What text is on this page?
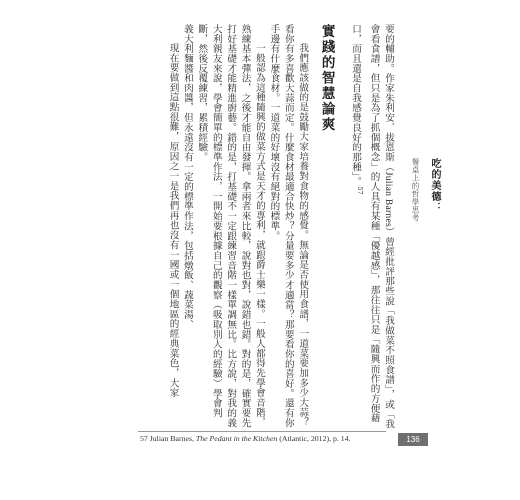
吃的美德：
餐桌上的哲學思考

要的輔助。作家朱利安．拔恩斯（Julian Barnes）曾經批評那些說「我做菜不照食譜」，或「我會看食譜，但只是為了抓個概念」的人具有某種「優越感」，那往往只是「隨興而作的方便藉口，而且還是自我感覺良好的那種」。$^{57}$

實踐的智慧論爽

我們應該做的是鼓勵大家培養對食物的感覺。無論是否使用食譜，一道菜要加多少大蒜？看你有多喜歡大蒜而定。什麼食材最適合快炒？分量要多少才適當？那要看你的喜好。還有你手邊有什麼食材。一道菜的好壞沒有絕對的標準。

一般認為這種隨興的做菜方式是天才的專利，就跟爵士樂一樣。一般人都得先學會音階，熟練基本彈法，之後才能自由發揮。拿兩者來比較，說對也對，說錯也錯。對的是，確實要先打好基礎才能精進廚藝。錯的是，打基礎不一定跟練習音階一樣單調無比。比方說，對我的義大利親友來說，學會簡單的標準作法，一開始要根據自己的觀察（吸取別人的經驗）學會判斷，然後反覆練習，累積經驗。

義大利麵醬和肉醬，但永遠沒有一定的標準作法，包括燉飯、蔬菜湯、

現在要做到這點很難，原因之一是我們再也沒有一國或一個地區的經典菜色，大家

57 Julian Barnes, The Pedant in the Kitchen (Atlantic, 2012), p. 14.	136
